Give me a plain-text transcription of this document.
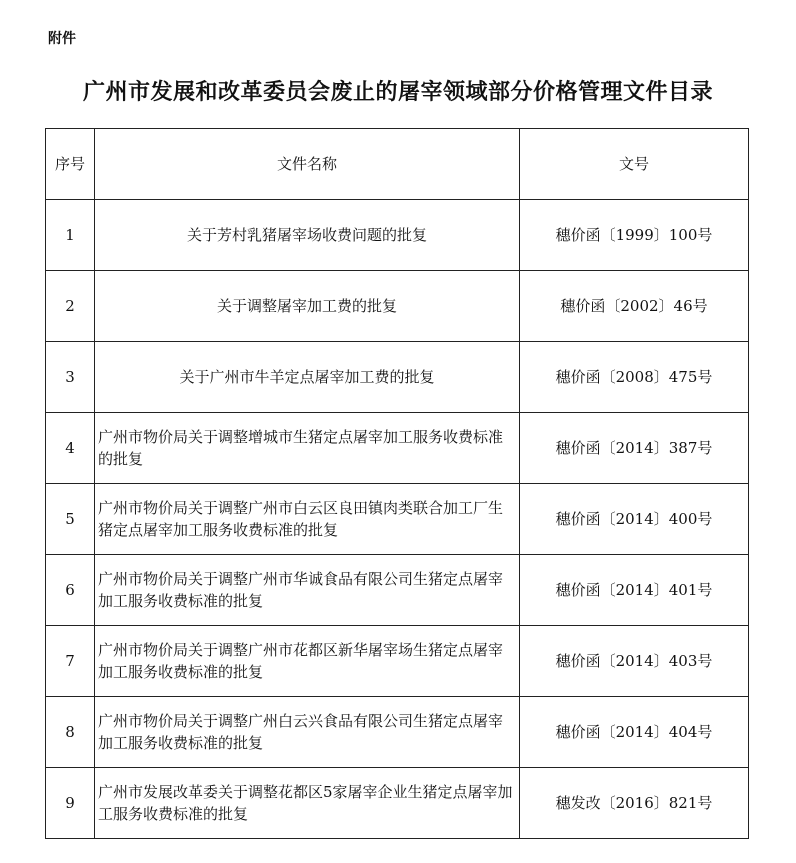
附件
广州市发展和改革委员会废止的屠宰领域部分价格管理文件目录
序号	文件名称	文号
1	关于芳村乳猪屠宰场收费问题的批复	穗价函〔1999〕100号
2	关于调整屠宰加工费的批复	穗价函〔2002〕46号
3	关于广州市牛羊定点屠宰加工费的批复	穗价函〔2008〕475号
4	广州市物价局关于调整增城市生猪定点屠宰加工服务收费标准的批复	穗价函〔2014〕387号
5	广州市物价局关于调整广州市白云区良田镇肉类联合加工厂生猪定点屠宰加工服务收费标准的批复	穗价函〔2014〕400号
6	广州市物价局关于调整广州市华诚食品有限公司生猪定点屠宰加工服务收费标准的批复	穗价函〔2014〕401号
7	广州市物价局关于调整广州市花都区新华屠宰场生猪定点屠宰加工服务收费标准的批复	穗价函〔2014〕403号
8	广州市物价局关于调整广州白云兴食品有限公司生猪定点屠宰加工服务收费标准的批复	穗价函〔2014〕404号
9	广州市发展改革委关于调整花都区5家屠宰企业生猪定点屠宰加工服务收费标准的批复	穗发改〔2016〕821号
